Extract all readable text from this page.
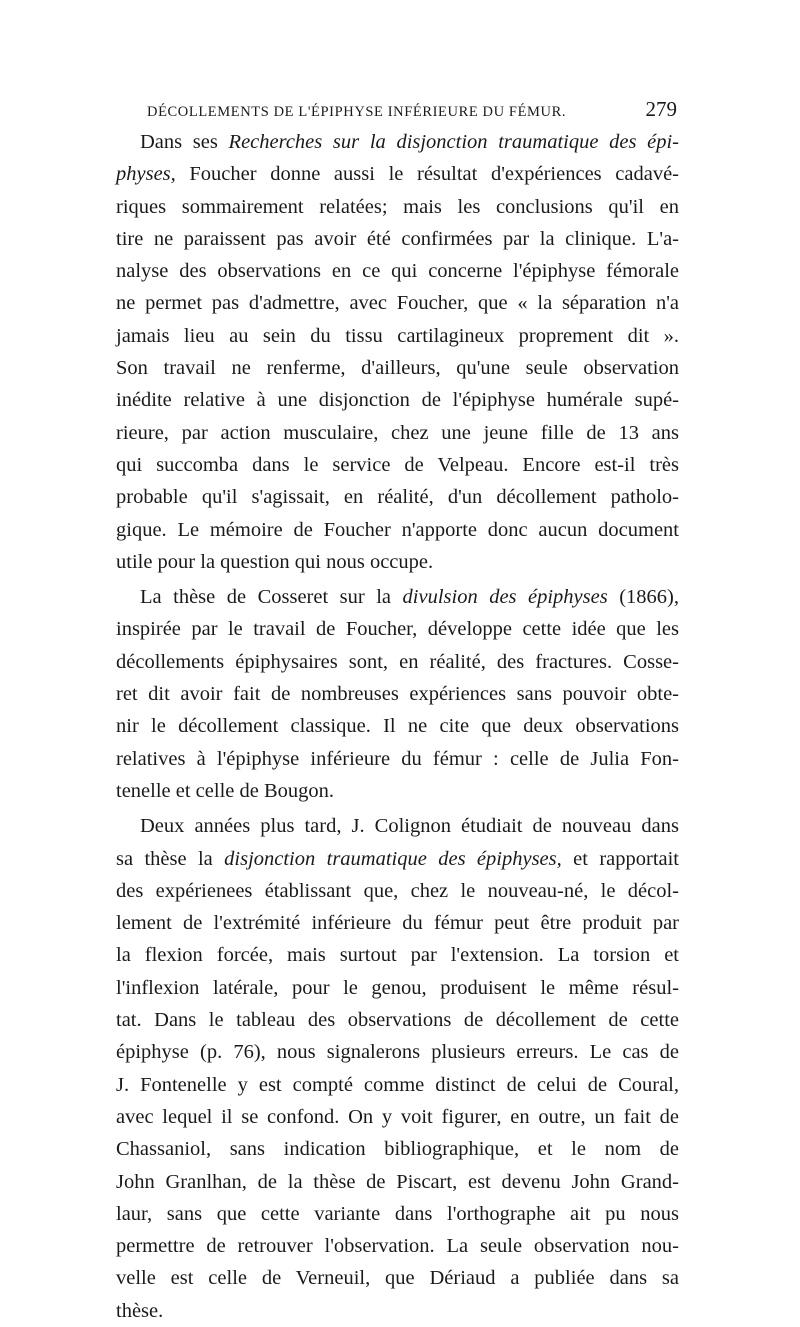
DÉCOLLEMENTS DE L'ÉPIPHYSE INFÉRIEURE DU FÉMUR.	279
Dans ses Recherches sur la disjonction traumatique des épi-
physes, Foucher donne aussi le résultat d'expériences cadavé-
riques sommairement relatées; mais les conclusions qu'il en
tire ne paraissent pas avoir été confirmées par la clinique. L'a-
nalyse des observations en ce qui concerne l'épiphyse fémorale
ne permet pas d'admettre, avec Foucher, que « la séparation n'a
jamais lieu au sein du tissu cartilagineux proprement dit ».
Son travail ne renferme, d'ailleurs, qu'une seule observation
inédite relative à une disjonction de l'épiphyse humérale supé-
rieure, par action musculaire, chez une jeune fille de 13 ans
qui succomba dans le service de Velpeau. Encore est-il très
probable qu'il s'agissait, en réalité, d'un décollement patholo-
gique. Le mémoire de Foucher n'apporte donc aucun document
utile pour la question qui nous occupe.
La thèse de Cosseret sur la divulsion des épiphyses (1866),
inspirée par le travail de Foucher, développe cette idée que les
décollements épiphysaires sont, en réalité, des fractures. Cosse-
ret dit avoir fait de nombreuses expériences sans pouvoir obte-
nir le décollement classique. Il ne cite que deux observations
relatives à l'épiphyse inférieure du fémur : celle de Julia Fon-
tenelle et celle de Bougon.
Deux années plus tard, J. Colignon étudiait de nouveau dans
sa thèse la disjonction traumatique des épiphyses, et rapportait
des expérienees établissant que, chez le nouveau-né, le décol-
lement de l'extrémité inférieure du fémur peut être produit par
la flexion forcée, mais surtout par l'extension. La torsion et
l'inflexion latérale, pour le genou, produisent le même résul-
tat. Dans le tableau des observations de décollement de cette
épiphyse (p. 76), nous signalerons plusieurs erreurs. Le cas de
J. Fontenelle y est compté comme distinct de celui de Coural,
avec lequel il se confond. On y voit figurer, en outre, un fait de
Chassaniol, sans indication bibliographique, et le nom de
John Granlhan, de la thèse de Piscart, est devenu John Grand-
laur, sans que cette variante dans l'orthographe ait pu nous
permettre de retrouver l'observation. La seule observation nou-
velle est celle de Verneuil, que Dériaud a publiée dans sa
thèse.
